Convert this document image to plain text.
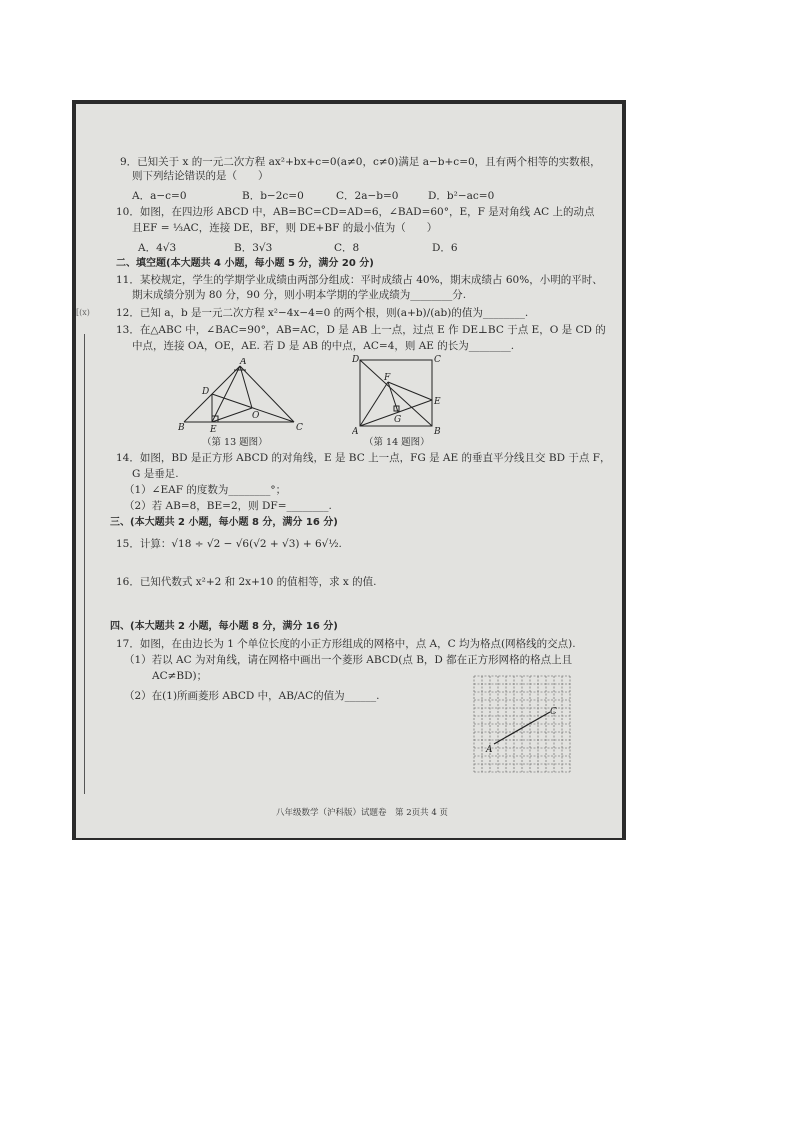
[(x)
9．已知关于 x 的一元二次方程 ax²+bx+c=0(a≠0，c≠0)满足 a−b+c=0，且有两个相等的实数根，
则下列结论错误的是（　　）
A．a−c=0	B．b−2c=0	C．2a−b=0	D．b²−ac=0
10．如图，在四边形 ABCD 中，AB=BC=CD=AD=6，∠BAD=60°，E，F 是对角线 AC 上的动点
且EF = ⅓AC，连接 DE，BF，则 DE+BF 的最小值为（　　）
A．4√3	B．3√3	C．8	D．6
二、填空题(本大题共 4 小题，每小题 5 分，满分 20 分)
11．某校规定，学生的学期学业成绩由两部分组成：平时成绩占 40%，期末成绩占 60%，小明的平时、
期末成绩分别为 80 分，90 分，则小明本学期的学业成绩为________分.
12．已知 a，b 是一元二次方程 x²−4x−4=0 的两个根，则(a+b)/(ab)的值为________.
13．在△ABC 中，∠BAC=90°，AB=AC，D 是 AB 上一点，过点 E 作 DE⊥BC 于点 E，O 是 CD 的
中点，连接 OA，OE，AE. 若 D 是 AB 的中点，AC=4，则 AE 的长为________.
A
B	C
D
E
O
（第 13 题图）
D	C
A	B
E
F
G
（第 14 题图）
14．如图，BD 是正方形 ABCD 的对角线，E 是 BC 上一点，FG 是 AE 的垂直平分线且交 BD 于点 F，
G 是垂足.
（1）∠EAF 的度数为________°；
（2）若 AB=8，BE=2，则 DF=________.
三、(本大题共 2 小题，每小题 8 分，满分 16 分)
15．计算：√18 ÷ √2 − √6(√2 + √3) + 6√½.
16．已知代数式 x²+2 和 2x+10 的值相等，求 x 的值.
四、(本大题共 2 小题，每小题 8 分，满分 16 分)
17．如图，在由边长为 1 个单位长度的小正方形组成的网格中，点 A，C 均为格点(网格线的交点).
（1）若以 AC 为对角线，请在网格中画出一个菱形 ABCD(点 B，D 都在正方形网格的格点上且
AC≠BD)；
（2）在(1)所画菱形 ABCD 中，AB/AC的值为______.
A
C
八年级数学（沪科版）试题卷　第 2页共 4 页
